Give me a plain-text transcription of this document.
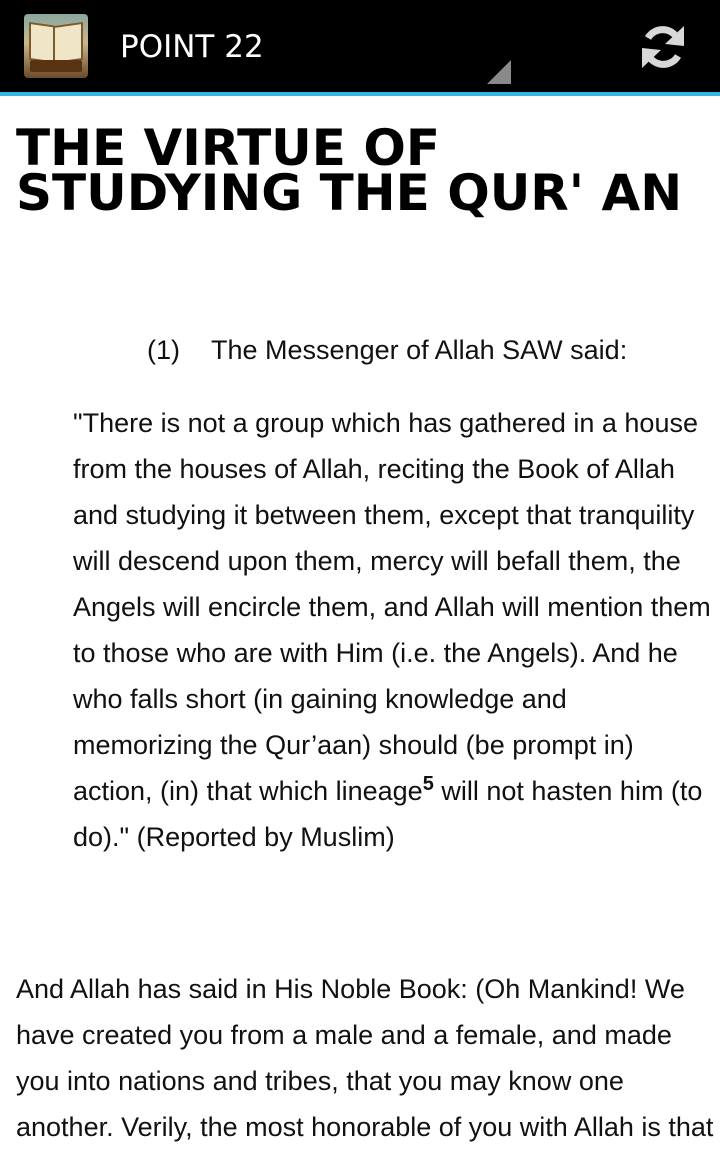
POINT 22
THE VIRTUE OF STUDYING THE QUR' AN
(1) The Messenger of Allah SAW said:

"There is not a group which has gathered in a house from the houses of Allah, reciting the Book of Allah and studying it between them, except that tranquility will descend upon them, mercy will befall them, the Angels will encircle them, and Allah will mention them to those who are with Him (i.e. the Angels). And he who falls short (in gaining knowledge and memorizing the Qur’aan) should (be prompt in) action, (in) that which lineage$^5$ will not hasten him (to do)." (Reported by Muslim)

And Allah has said in His Noble Book: (Oh Mankind! We have created you from a male and a female, and made you into nations and tribes, that you may know one another. Verily, the most honorable of you with Allah is that
